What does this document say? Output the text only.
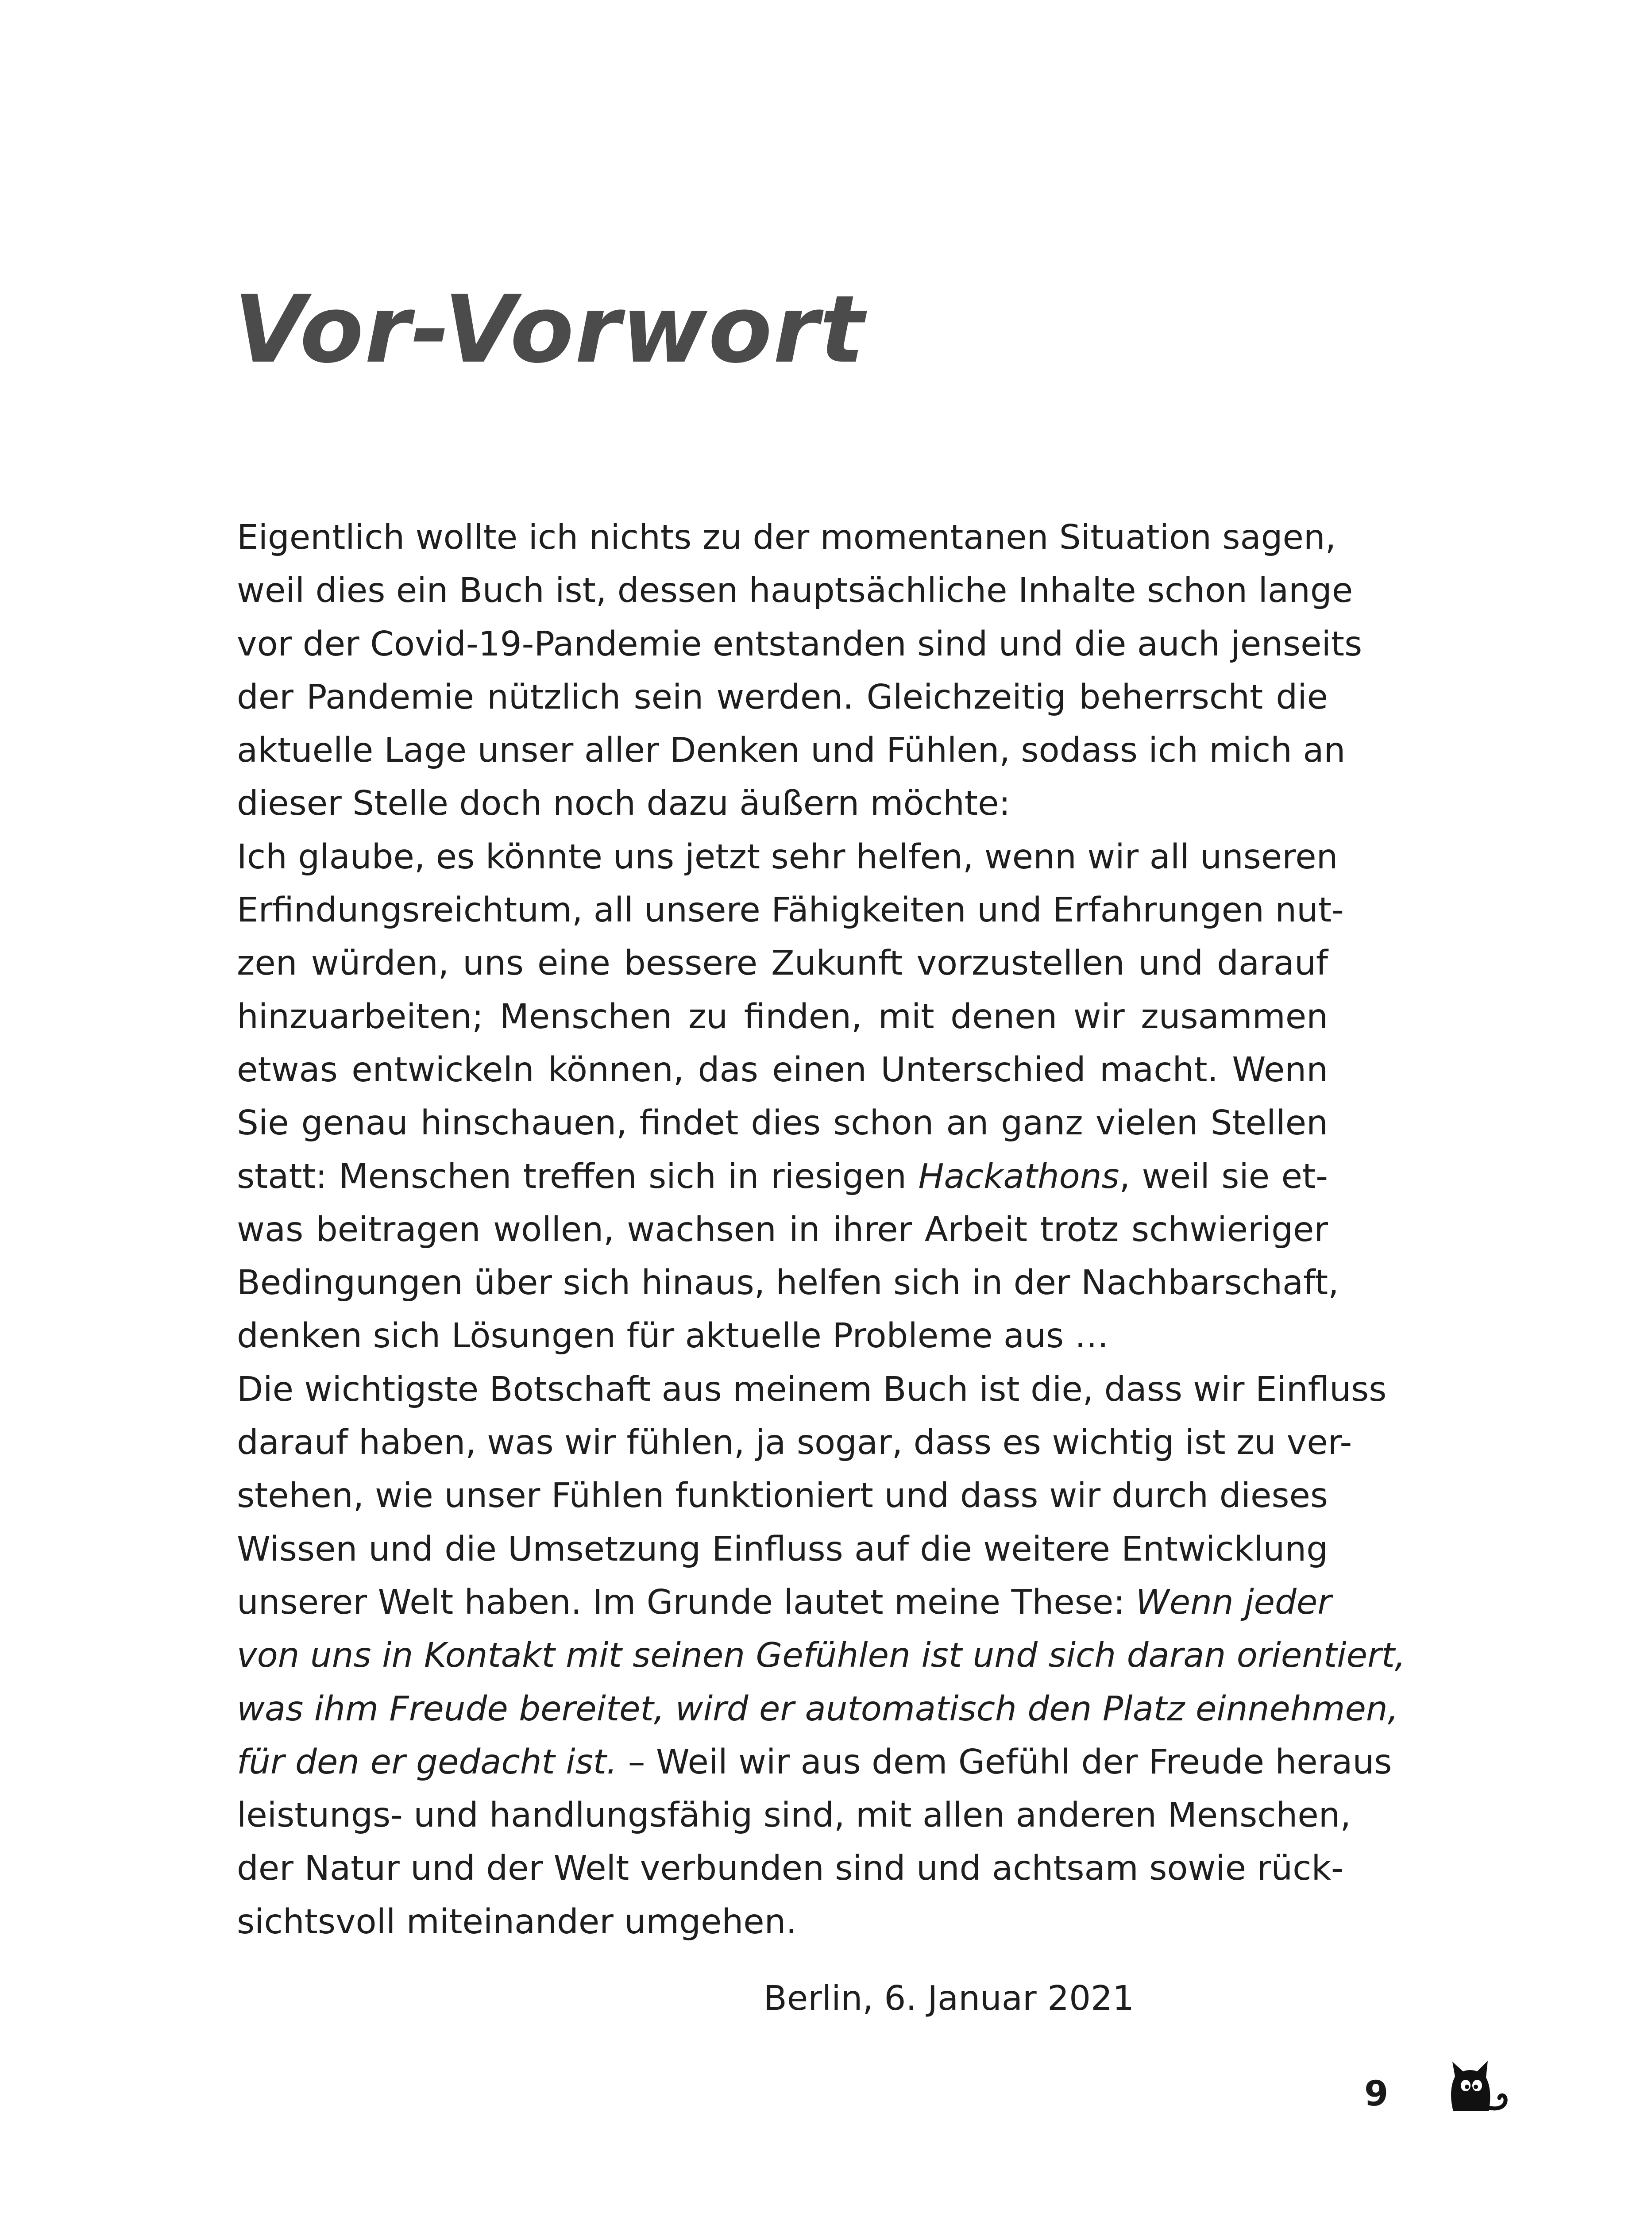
Vor-Vorwort
Eigentlich wollte ich nichts zu der momentanen Situation sagen,
weil dies ein Buch ist, dessen hauptsächliche Inhalte schon lange
vor der Covid-19-Pandemie entstanden sind und die auch jenseits
der Pandemie nützlich sein werden. Gleichzeitig beherrscht die
aktuelle Lage unser aller Denken und Fühlen, sodass ich mich an
dieser Stelle doch noch dazu äußern möchte:
Ich glaube, es könnte uns jetzt sehr helfen, wenn wir all unseren
Erfindungsreichtum, all unsere Fähigkeiten und Erfahrungen nut-
zen würden, uns eine bessere Zukunft vorzustellen und darauf
hinzuarbeiten; Menschen zu finden, mit denen wir zusammen
etwas entwickeln können, das einen Unterschied macht. Wenn
Sie genau hinschauen, findet dies schon an ganz vielen Stellen
statt: Menschen treffen sich in riesigen Hackathons, weil sie et-
was beitragen wollen, wachsen in ihrer Arbeit trotz schwieriger
Bedingungen über sich hinaus, helfen sich in der Nachbarschaft,
denken sich Lösungen für aktuelle Probleme aus …
Die wichtigste Botschaft aus meinem Buch ist die, dass wir Einfluss
darauf haben, was wir fühlen, ja sogar, dass es wichtig ist zu ver-
stehen, wie unser Fühlen funktioniert und dass wir durch dieses
Wissen und die Umsetzung Einfluss auf die weitere Entwicklung
unserer Welt haben. Im Grunde lautet meine These: Wenn jeder
von uns in Kontakt mit seinen Gefühlen ist und sich daran orientiert,
was ihm Freude bereitet, wird er automatisch den Platz einnehmen,
für den er gedacht ist. – Weil wir aus dem Gefühl der Freude heraus
leistungs- und handlungsfähig sind, mit allen anderen Menschen,
der Natur und der Welt verbunden sind und achtsam sowie rück-
sichtsvoll miteinander umgehen.
Berlin, 6. Januar 2021
9
